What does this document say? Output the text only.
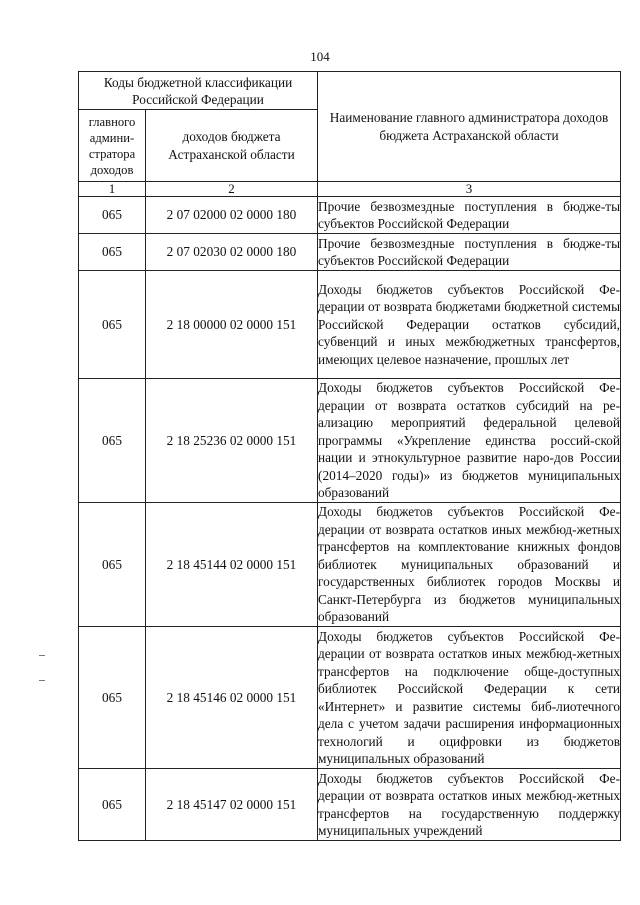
104
Коды бюджетной классификации Российской Федерации		Наименование главного администратора доходов бюджета Астраханской области
главного админи-стратора доходов	доходов бюджета Астраханской области	
1	2	3
065	2 07 02000 02 0000 180	Прочие безвозмездные поступления в бюдже-ты субъектов Российской Федерации
065	2 07 02030 02 0000 180	Прочие безвозмездные поступления в бюдже-ты субъектов Российской Федерации
065	2 18 00000 02 0000 151	Доходы бюджетов субъектов Российской Фе-дерации от возврата бюджетами бюджетной системы Российской Федерации остатков субсидий, субвенций и иных межбюджетных трансфертов, имеющих целевое назначение, прошлых лет
065	2 18 25236 02 0000 151	Доходы бюджетов субъектов Российской Фе-дерации от возврата остатков субсидий на ре-ализацию мероприятий федеральной целевой программы «Укрепление единства россий-ской нации и этнокультурное развитие наро-дов России (2014–2020 годы)» из бюджетов муниципальных образований
065	2 18 45144 02 0000 151	Доходы бюджетов субъектов Российской Фе-дерации от возврата остатков иных межбюд-жетных трансфертов на комплектование книжных фондов библиотек муниципальных образований и государственных библиотек городов Москвы и Санкт-Петербурга из бюджетов муниципальных образований
065	2 18 45146 02 0000 151	Доходы бюджетов субъектов Российской Фе-дерации от возврата остатков иных межбюд-жетных трансфертов на подключение обще-доступных библиотек Российской Федерации к сети «Интернет» и развитие системы биб-лиотечного дела с учетом задачи расширения информационных технологий и оцифровки из бюджетов муниципальных образований
065	2 18 45147 02 0000 151	Доходы бюджетов субъектов Российской Фе-дерации от возврата остатков иных межбюд-жетных трансфертов на государственную поддержку муниципальных учреждений
